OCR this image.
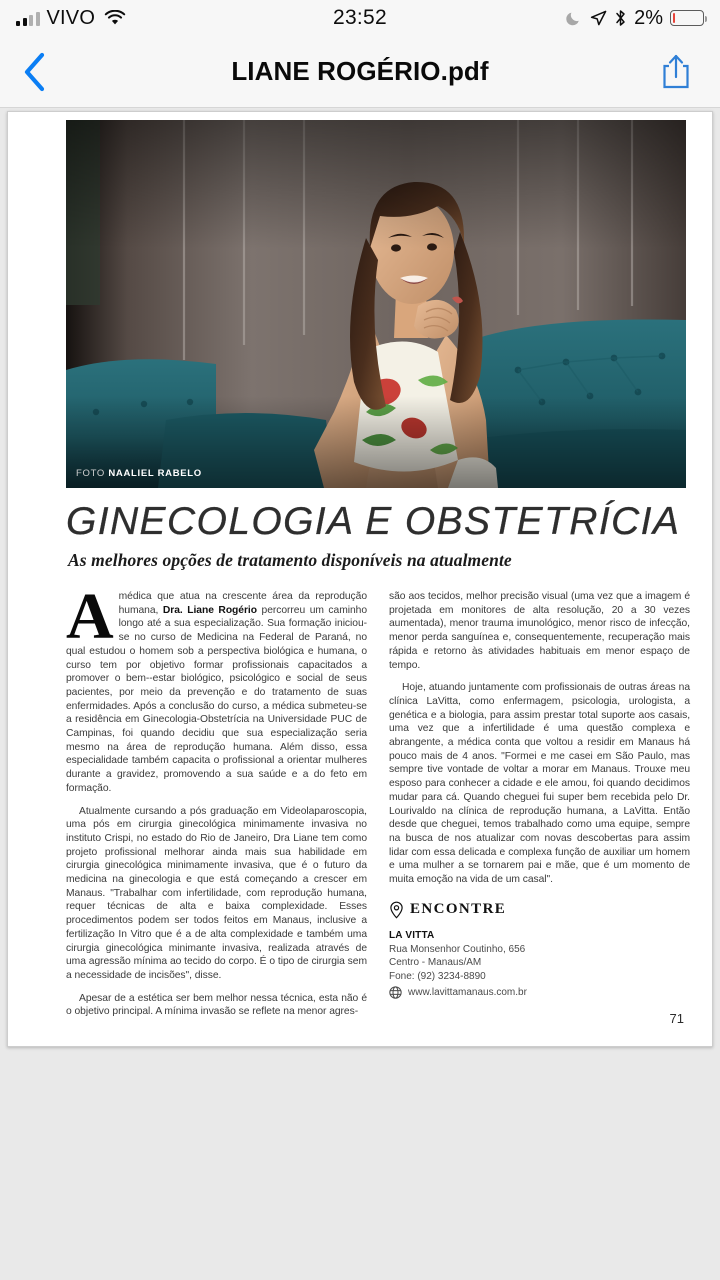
VIVO	23:52	2%
LIANE ROGÉRIO.pdf
FOTO NAALIEL RABELO
GINECOLOGIA E OBSTETRÍCIA
As melhores opções de tratamento disponíveis na atualmente

Amédica que atua na crescente área da reprodução humana, Dra. Liane Rogério percorreu um caminho longo até a sua especialização. Sua formação iniciou-se no curso de Medicina na Federal de Paraná, no qual estudou o homem sob a perspectiva biológica e humana, o curso tem por objetivo formar profissionais capacitados a promover o bem--estar biológico, psicológico e social de seus pacientes, por meio da prevenção e do tratamento de suas enfermidades. Após a conclusão do curso, a médica submeteu-se a residência em Ginecologia-Obstetrícia na Universidade PUC de Campinas, foi quando decidiu que sua especialização seria mesmo na área de reprodução humana. Além disso, essa especialidade também capacita o profissional a orientar mulheres durante a gravidez, promovendo a sua saúde e a do feto em formação.

Atualmente cursando a pós graduação em Videolaparoscopia, uma pós em cirurgia ginecológica minimamente invasiva no instituto Crispi, no estado do Rio de Janeiro, Dra Liane tem como projeto profissional melhorar ainda mais sua habilidade em cirurgia ginecológica minimamente invasiva, que é o futuro da medicina na ginecologia e que está começando a crescer em Manaus. "Trabalhar com infertilidade, com reprodução humana, requer técnicas de alta e baixa complexidade. Esses procedimentos podem ser todos feitos em Manaus, inclusive a fertilização In Vitro que é a de alta complexidade e também uma cirurgia ginecológica minimante invasiva, realizada através de uma agressão mínima ao tecido do corpo. É o tipo de cirurgia sem a necessidade de incisões", disse.

Apesar de a estética ser bem melhor nessa técnica, esta não é o objetivo principal. A mínima invasão se reflete na menor agres-

são aos tecidos, melhor precisão visual (uma vez que a imagem é projetada em monitores de alta resolução, 20 a 30 vezes aumentada), menor trauma imunológico, menor risco de infecção, menor perda sanguínea e, consequentemente, recuperação mais rápida e retorno às atividades habituais em menor espaço de tempo.

Hoje, atuando juntamente com profissionais de outras áreas na clínica LaVitta, como enfermagem, psicologia, urologista, a genética e a biologia, para assim prestar total suporte aos casais, uma vez que a infertilidade é uma questão complexa e abrangente, a médica conta que voltou a residir em Manaus há pouco mais de 4 anos. "Formei e me casei em São Paulo, mas sempre tive vontade de voltar a morar em Manaus. Trouxe meu esposo para conhecer a cidade e ele amou, foi quando decidimos mudar para cá. Quando cheguei fui super bem recebida pelo Dr. Lourivaldo na clínica de reprodução humana, a LaVitta. Então desde que cheguei, temos trabalhado como uma equipe, sempre na busca de nos atualizar com novas descobertas para assim lidar com essa delicada e complexa função de auxiliar um homem e uma mulher a se tornarem pai e mãe, que é um momento de muita emoção na vida de um casal".

ENCONTRE
LA VITTA
Rua Monsenhor Coutinho, 656
Centro - Manaus/AM
Fone: (92) 3234-8890
www.lavittamanaus.com.br
71
